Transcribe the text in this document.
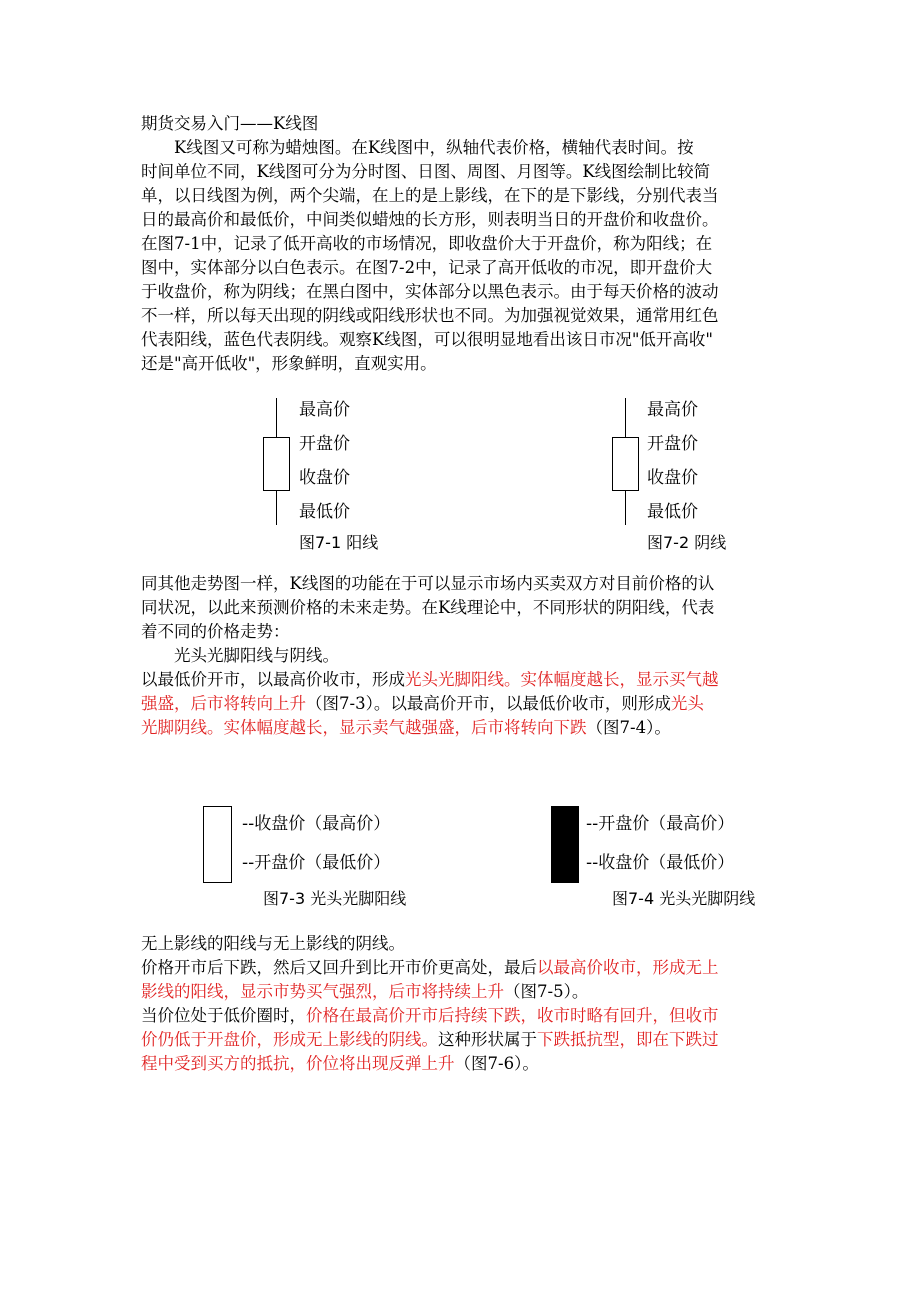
期货交易入门——K线图
　　K线图又可称为蜡烛图。在K线图中，纵轴代表价格，横轴代表时间。按
时间单位不同，K线图可分为分时图、日图、周图、月图等。K线图绘制比较简
单，以日线图为例，两个尖端，在上的是上影线，在下的是下影线，分别代表当
日的最高价和最低价，中间类似蜡烛的长方形，则表明当日的开盘价和收盘价。
在图7-1中，记录了低开高收的市场情况，即收盘价大于开盘价，称为阳线；在
图中，实体部分以白色表示。在图7-2中，记录了高开低收的市况，即开盘价大
于收盘价，称为阴线；在黑白图中，实体部分以黑色表示。由于每天价格的波动
不一样，所以每天出现的阴线或阳线形状也不同。为加强视觉效果，通常用红色
代表阳线，蓝色代表阴线。观察K线图，可以很明显地看出该日市况"低开高收"
还是"高开低收"，形象鲜明，直观实用。
最高价
开盘价
收盘价
最低价
图7-1 阳线
最高价
开盘价
收盘价
最低价
图7-2 阴线
同其他走势图一样，K线图的功能在于可以显示市场内买卖双方对目前价格的认
同状况，以此来预测价格的未来走势。在K线理论中，不同形状的阴阳线，代表
着不同的价格走势：
　　光头光脚阳线与阴线。
以最低价开市，以最高价收市，形成光头光脚阳线。实体幅度越长，显示买气越
强盛，后市将转向上升（图7-3）。以最高价开市，以最低价收市，则形成光头
光脚阴线。实体幅度越长，显示卖气越强盛，后市将转向下跌（图7-4）。
--收盘价（最高价）
--开盘价（最低价）
图7-3 光头光脚阳线
--开盘价（最高价）
--收盘价（最低价）
图7-4 光头光脚阴线
无上影线的阳线与无上影线的阴线。
价格开市后下跌，然后又回升到比开市价更高处，最后以最高价收市，形成无上
影线的阳线，显示市势买气强烈，后市将持续上升（图7-5）。
当价位处于低价圈时，价格在最高价开市后持续下跌，收市时略有回升，但收市
价仍低于开盘价，形成无上影线的阴线。这种形状属于下跌抵抗型，即在下跌过
程中受到买方的抵抗，价位将出现反弹上升（图7-6）。
